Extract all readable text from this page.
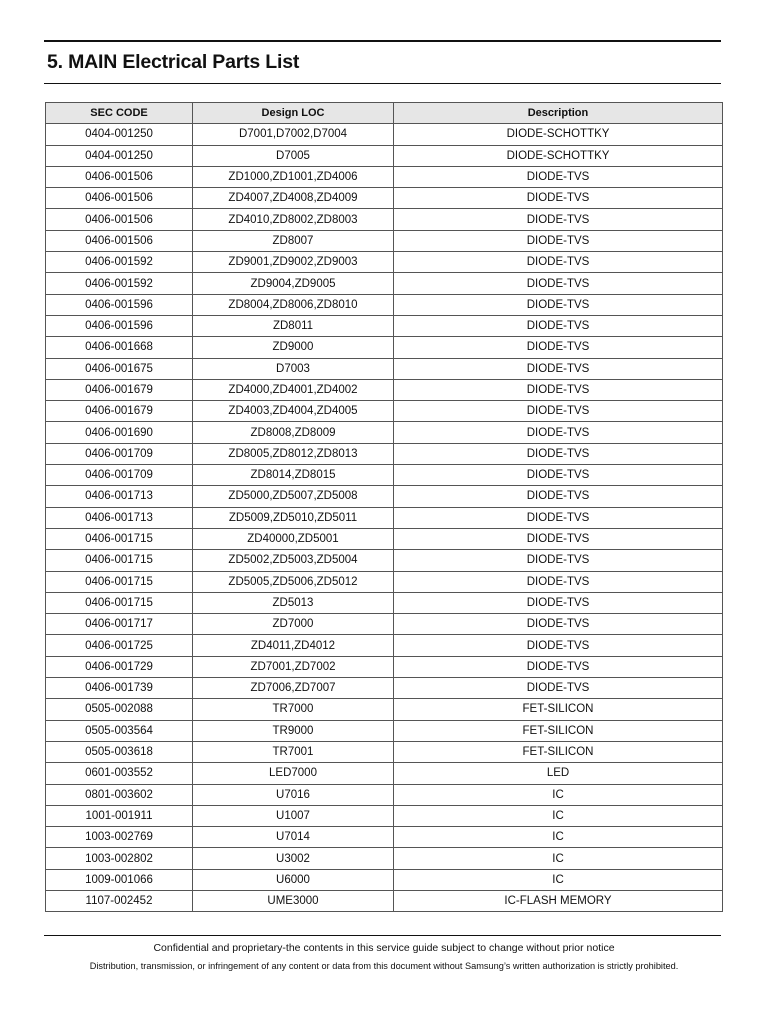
5. MAIN Electrical Parts List
SEC CODE	Design LOC	Description
0404-001250	D7001,D7002,D7004	DIODE-SCHOTTKY
0404-001250	D7005	DIODE-SCHOTTKY
0406-001506	ZD1000,ZD1001,ZD4006	DIODE-TVS
0406-001506	ZD4007,ZD4008,ZD4009	DIODE-TVS
0406-001506	ZD4010,ZD8002,ZD8003	DIODE-TVS
0406-001506	ZD8007	DIODE-TVS
0406-001592	ZD9001,ZD9002,ZD9003	DIODE-TVS
0406-001592	ZD9004,ZD9005	DIODE-TVS
0406-001596	ZD8004,ZD8006,ZD8010	DIODE-TVS
0406-001596	ZD8011	DIODE-TVS
0406-001668	ZD9000	DIODE-TVS
0406-001675	D7003	DIODE-TVS
0406-001679	ZD4000,ZD4001,ZD4002	DIODE-TVS
0406-001679	ZD4003,ZD4004,ZD4005	DIODE-TVS
0406-001690	ZD8008,ZD8009	DIODE-TVS
0406-001709	ZD8005,ZD8012,ZD8013	DIODE-TVS
0406-001709	ZD8014,ZD8015	DIODE-TVS
0406-001713	ZD5000,ZD5007,ZD5008	DIODE-TVS
0406-001713	ZD5009,ZD5010,ZD5011	DIODE-TVS
0406-001715	ZD40000,ZD5001	DIODE-TVS
0406-001715	ZD5002,ZD5003,ZD5004	DIODE-TVS
0406-001715	ZD5005,ZD5006,ZD5012	DIODE-TVS
0406-001715	ZD5013	DIODE-TVS
0406-001717	ZD7000	DIODE-TVS
0406-001725	ZD4011,ZD4012	DIODE-TVS
0406-001729	ZD7001,ZD7002	DIODE-TVS
0406-001739	ZD7006,ZD7007	DIODE-TVS
0505-002088	TR7000	FET-SILICON
0505-003564	TR9000	FET-SILICON
0505-003618	TR7001	FET-SILICON
0601-003552	LED7000	LED
0801-003602	U7016	IC
1001-001911	U1007	IC
1003-002769	U7014	IC
1003-002802	U3002	IC
1009-001066	U6000	IC
1107-002452	UME3000	IC-FLASH MEMORY
Confidential and proprietary-the contents in this service guide subject to change without prior notice
Distribution, transmission, or infringement of any content or data from this document without Samsung’s written authorization is strictly prohibited.
